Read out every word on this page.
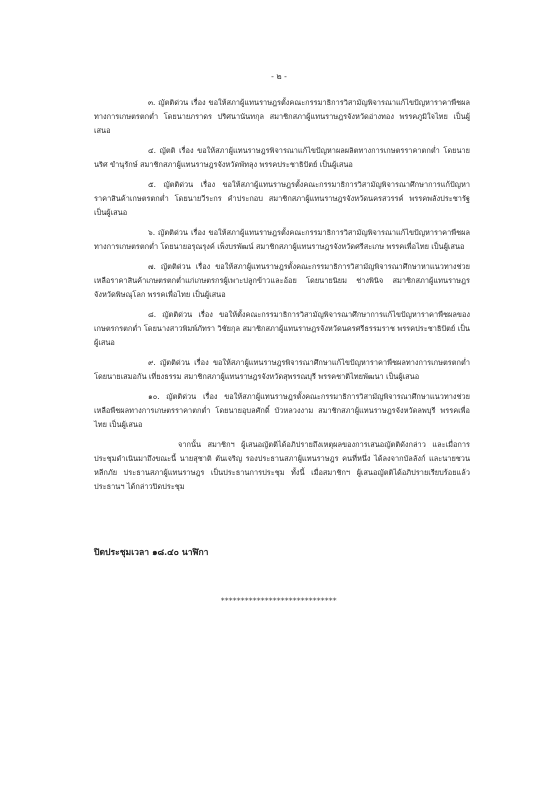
- ๒ -

๓. ญัตติด่วน เรื่อง ขอให้สภาผู้แทนราษฎรตั้งคณะกรรมาธิการวิสามัญพิจารณาแก้ไขปัญหาราคาพืชผลทางการเกษตรตกต่ำ โดยนายภราดร ปริศนานันทกุล สมาชิกสภาผู้แทนราษฎรจังหวัดอ่างทอง พรรคภูมิใจไทย เป็นผู้เสนอ

๔. ญัตติ เรื่อง ขอให้สภาผู้แทนราษฎรพิจารณาแก้ไขปัญหาผลผลิตทางการเกษตรราคาตกต่ำ โดยนายนริศ ขำนุรักษ์ สมาชิกสภาผู้แทนราษฎรจังหวัดพัทลุง พรรคประชาธิปัตย์ เป็นผู้เสนอ

๕. ญัตติด่วน เรื่อง ขอให้สภาผู้แทนราษฎรตั้งคณะกรรมาธิการวิสามัญพิจารณาศึกษาการแก้ปัญหาราคาสินค้าเกษตรตกต่ำ โดยนายวีระกร คำประกอบ สมาชิกสภาผู้แทนราษฎรจังหวัดนครสวรรค์ พรรคพลังประชารัฐ เป็นผู้เสนอ

๖. ญัตติด่วน เรื่อง ขอให้สภาผู้แทนราษฎรตั้งคณะกรรมาธิการวิสามัญพิจารณาแก้ไขปัญหาราคาพืชผลทางการเกษตรตกต่ำ โดยนายอรุณรุงค์ เพ็งบรพัฒน์ สมาชิกสภาผู้แทนราษฎรจังหวัดศรีสะเกษ พรรคเพื่อไทย เป็นผู้เสนอ

๗. ญัตติด่วน เรื่อง ขอให้สภาผู้แทนราษฎรตั้งคณะกรรมาธิการวิสามัญพิจารณาศึกษาหาแนวทางช่วยเหลือราคาสินค้าเกษตรตกต่ำแก่เกษตรกรผู้เพาะปลูกข้าวและอ้อย โดยนายนิยม ช่างพินิจ สมาชิกสภาผู้แทนราษฎรจังหวัดพิษณุโลก พรรคเพื่อไทย เป็นผู้เสนอ

๘. ญัตติด่วน เรื่อง ขอให้ตั้งคณะกรรมาธิการวิสามัญพิจารณาศึกษาการแก้ไขปัญหาราคาพืชผลของเกษตรกรตกต่ำ โดยนางสาวพิมพ์ภัทรา วิชัยกุล สมาชิกสภาผู้แทนราษฎรจังหวัดนครศรีธรรมราช พรรคประชาธิปัตย์ เป็นผู้เสนอ

๙. ญัตติด่วน เรื่อง ขอให้สภาผู้แทนราษฎรพิจารณาศึกษาแก้ไขปัญหาราคาพืชผลทางการเกษตรตกต่ำ โดยนายเสมอกัน เที่ยงธรรม สมาชิกสภาผู้แทนราษฎรจังหวัดสุพรรณบุรี พรรคชาติไทยพัฒนา เป็นผู้เสนอ

๑๐. ญัตติด่วน เรื่อง ขอให้สภาผู้แทนราษฎรตั้งคณะกรรมาธิการวิสามัญพิจารณาศึกษาแนวทางช่วยเหลือพืชผลทางการเกษตรราคาตกต่ำ โดยนายอุบลศักดิ์ บัวหลวงงาม สมาชิกสภาผู้แทนราษฎรจังหวัดลพบุรี พรรคเพื่อไทย เป็นผู้เสนอ

จากนั้น สมาชิกฯ ผู้เสนอญัตติได้อภิปรายถึงเหตุผลของการเสนอญัตติดังกล่าว และเมื่อการประชุมดำเนินมาถึงขณะนี้ นายสุชาติ ตันเจริญ รองประธานสภาผู้แทนราษฎร คนที่หนึ่ง ได้ลงจากบัลลังก์ และนายชวน หลีกภัย ประธานสภาผู้แทนราษฎร เป็นประธานการประชุม ทั้งนี้ เมื่อสมาชิกฯ ผู้เสนอญัตติได้อภิปรายเรียบร้อยแล้ว ประธานฯ ได้กล่าวปิดประชุม

ปิดประชุมเวลา ๑๘.๔๐ นาฬิกา
*****************************
